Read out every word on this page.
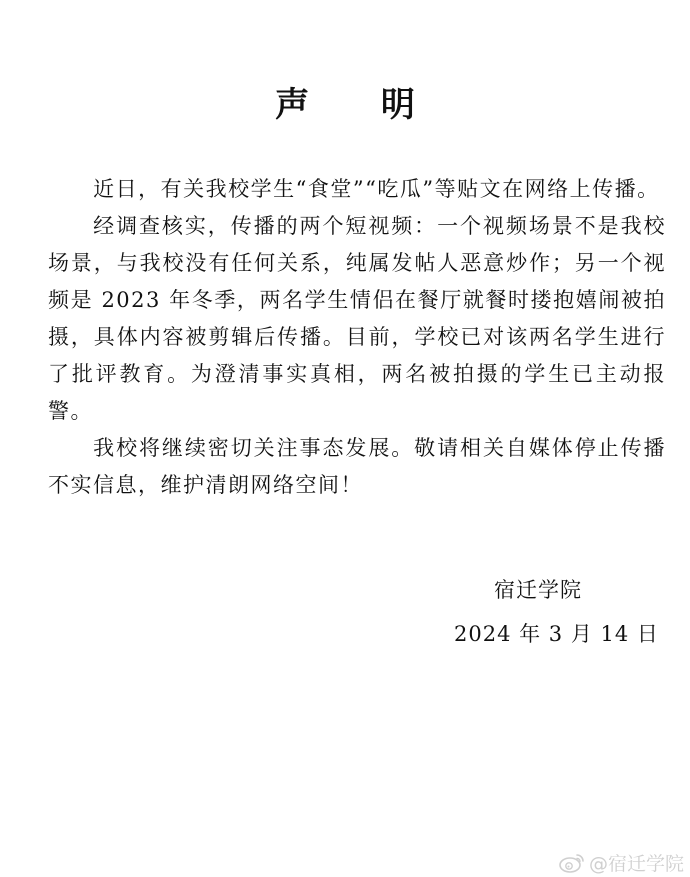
声 明

近日，有关我校学生“食堂”“吃瓜”等贴文在网络上传播。

经调查核实，传播的两个短视频：一个视频场景不是我校场景，与我校没有任何关系，纯属发帖人恶意炒作；另一个视频是 2023 年冬季，两名学生情侣在餐厅就餐时搂抱嬉闹被拍摄，具体内容被剪辑后传播。目前，学校已对该两名学生进行了批评教育。为澄清事实真相，两名被拍摄的学生已主动报警。

我校将继续密切关注事态发展。敬请相关自媒体停止传播不实信息，维护清朗网络空间！

宿迁学院
2024 年 3 月 14 日
@宿迁学院
